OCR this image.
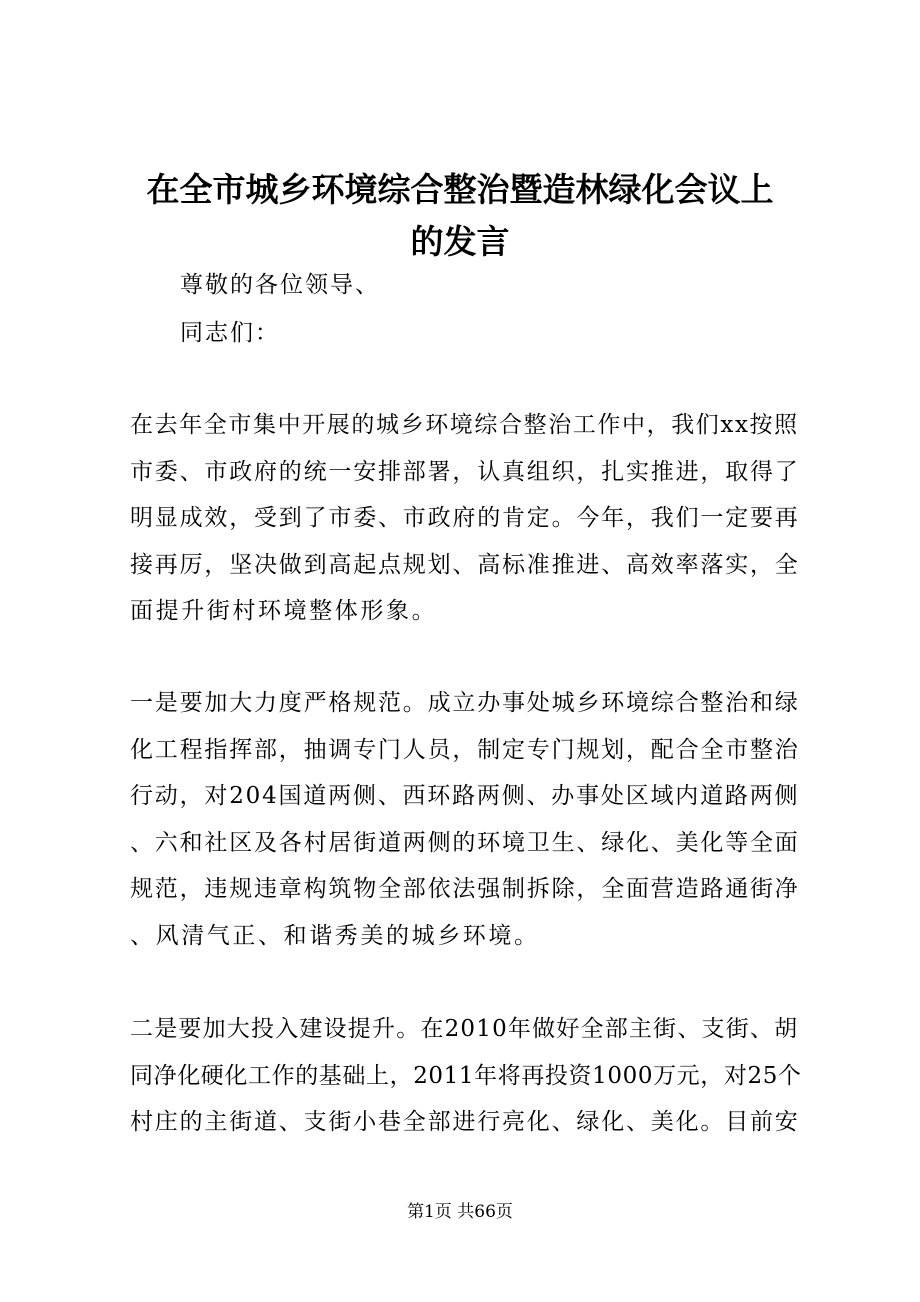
在全市城乡环境综合整治暨造林绿化会议上
的发言
尊敬的各位领导、
同志们：
在去年全市集中开展的城乡环境综合整治工作中，我们xx按照
市委、市政府的统一安排部署，认真组织，扎实推进，取得了
明显成效，受到了市委、市政府的肯定。今年，我们一定要再
接再厉，坚决做到高起点规划、高标准推进、高效率落实，全
面提升街村环境整体形象。
一是要加大力度严格规范。成立办事处城乡环境综合整治和绿
化工程指挥部，抽调专门人员，制定专门规划，配合全市整治
行动，对204国道两侧、西环路两侧、办事处区域内道路两侧
、六和社区及各村居街道两侧的环境卫生、绿化、美化等全面
规范，违规违章构筑物全部依法强制拆除，全面营造路通街净
、风清气正、和谐秀美的城乡环境。
二是要加大投入建设提升。在2010年做好全部主街、支街、胡
同净化硬化工作的基础上，2011年将再投资1000万元，对25个
村庄的主街道、支街小巷全部进行亮化、绿化、美化。目前安
第1页 共66页
